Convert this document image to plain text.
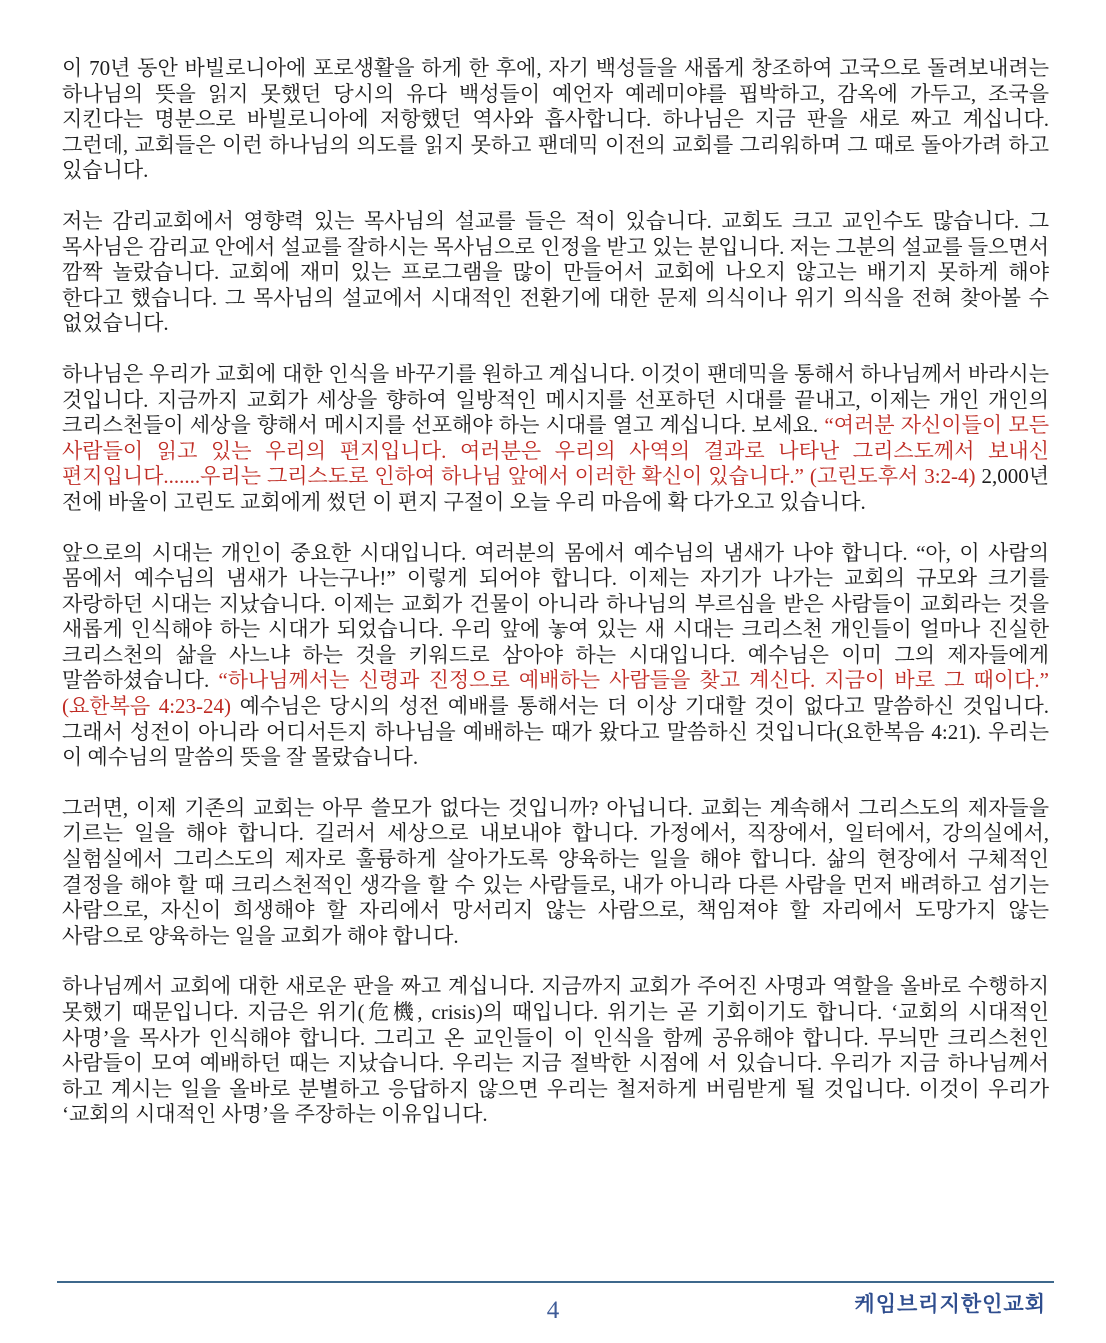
이 70년 동안 바빌로니아에 포로생활을 하게 한 후에, 자기 백성들을 새롭게 창조하여 고국으로 돌려보내려는 하나님의 뜻을 읽지 못했던 당시의 유다 백성들이 예언자 예레미야를 핍박하고, 감옥에 가두고, 조국을 지킨다는 명분으로 바빌로니아에 저항했던 역사와 흡사합니다. 하나님은 지금 판을 새로 짜고 계십니다. 그런데, 교회들은 이런 하나님의 의도를 읽지 못하고 팬데믹 이전의 교회를 그리워하며 그 때로 돌아가려 하고 있습니다.

저는 감리교회에서 영향력 있는 목사님의 설교를 들은 적이 있습니다. 교회도 크고 교인수도 많습니다. 그 목사님은 감리교 안에서 설교를 잘하시는 목사님으로 인정을 받고 있는 분입니다. 저는 그분의 설교를 들으면서 깜짝 놀랐습니다. 교회에 재미 있는 프로그램을 많이 만들어서 교회에 나오지 않고는 배기지 못하게 해야 한다고 했습니다. 그 목사님의 설교에서 시대적인 전환기에 대한 문제 의식이나 위기 의식을 전혀 찾아볼 수 없었습니다.

하나님은 우리가 교회에 대한 인식을 바꾸기를 원하고 계십니다. 이것이 팬데믹을 통해서 하나님께서 바라시는 것입니다. 지금까지 교회가 세상을 향하여 일방적인 메시지를 선포하던 시대를 끝내고, 이제는 개인 개인의 크리스천들이 세상을 향해서 메시지를 선포해야 하는 시대를 열고 계십니다. 보세요. “여러분 자신이들이 모든 사람들이 읽고 있는 우리의 편지입니다. 여러분은 우리의 사역의 결과로 나타난 그리스도께서 보내신 편지입니다.......우리는 그리스도로 인하여 하나님 앞에서 이러한 확신이 있습니다.” (고린도후서 3:2-4) 2,000년 전에 바울이 고린도 교회에게 썼던 이 편지 구절이 오늘 우리 마음에 확 다가오고 있습니다.

앞으로의 시대는 개인이 중요한 시대입니다. 여러분의 몸에서 예수님의 냄새가 나야 합니다. “아, 이 사람의 몸에서 예수님의 냄새가 나는구나!” 이렇게 되어야 합니다. 이제는 자기가 나가는 교회의 규모와 크기를 자랑하던 시대는 지났습니다. 이제는 교회가 건물이 아니라 하나님의 부르심을 받은 사람들이 교회라는 것을 새롭게 인식해야 하는 시대가 되었습니다. 우리 앞에 놓여 있는 새 시대는 크리스천 개인들이 얼마나 진실한 크리스천의 삶을 사느냐 하는 것을 키워드로 삼아야 하는 시대입니다. 예수님은 이미 그의 제자들에게 말씀하셨습니다. “하나님께서는 신령과 진정으로 예배하는 사람들을 찾고 계신다. 지금이 바로 그 때이다.” (요한복음 4:23-24) 예수님은 당시의 성전 예배를 통해서는 더 이상 기대할 것이 없다고 말씀하신 것입니다. 그래서 성전이 아니라 어디서든지 하나님을 예배하는 때가 왔다고 말씀하신 것입니다(요한복음 4:21). 우리는 이 예수님의 말씀의 뜻을 잘 몰랐습니다.

그러면, 이제 기존의 교회는 아무 쓸모가 없다는 것입니까? 아닙니다. 교회는 계속해서 그리스도의 제자들을 기르는 일을 해야 합니다. 길러서 세상으로 내보내야 합니다. 가정에서, 직장에서, 일터에서, 강의실에서, 실험실에서 그리스도의 제자로 훌륭하게 살아가도록 양육하는 일을 해야 합니다. 삶의 현장에서 구체적인 결정을 해야 할 때 크리스천적인 생각을 할 수 있는 사람들로, 내가 아니라 다른 사람을 먼저 배려하고 섬기는 사람으로, 자신이 희생해야 할 자리에서 망서리지 않는 사람으로, 책임져야 할 자리에서 도망가지 않는 사람으로 양육하는 일을 교회가 해야 합니다.

하나님께서 교회에 대한 새로운 판을 짜고 계십니다. 지금까지 교회가 주어진 사명과 역할을 올바로 수행하지 못했기 때문입니다. 지금은 위기(危機, crisis)의 때입니다. 위기는 곧 기회이기도 합니다. ‘교회의 시대적인 사명’을 목사가 인식해야 합니다. 그리고 온 교인들이 이 인식을 함께 공유해야 합니다. 무늬만 크리스천인 사람들이 모여 예배하던 때는 지났습니다. 우리는 지금 절박한 시점에 서 있습니다. 우리가 지금 하나님께서 하고 계시는 일을 올바로 분별하고 응답하지 않으면 우리는 철저하게 버림받게 될 것입니다. 이것이 우리가 ‘교회의 시대적인 사명’을 주장하는 이유입니다.

케임브리지한인교회
4
